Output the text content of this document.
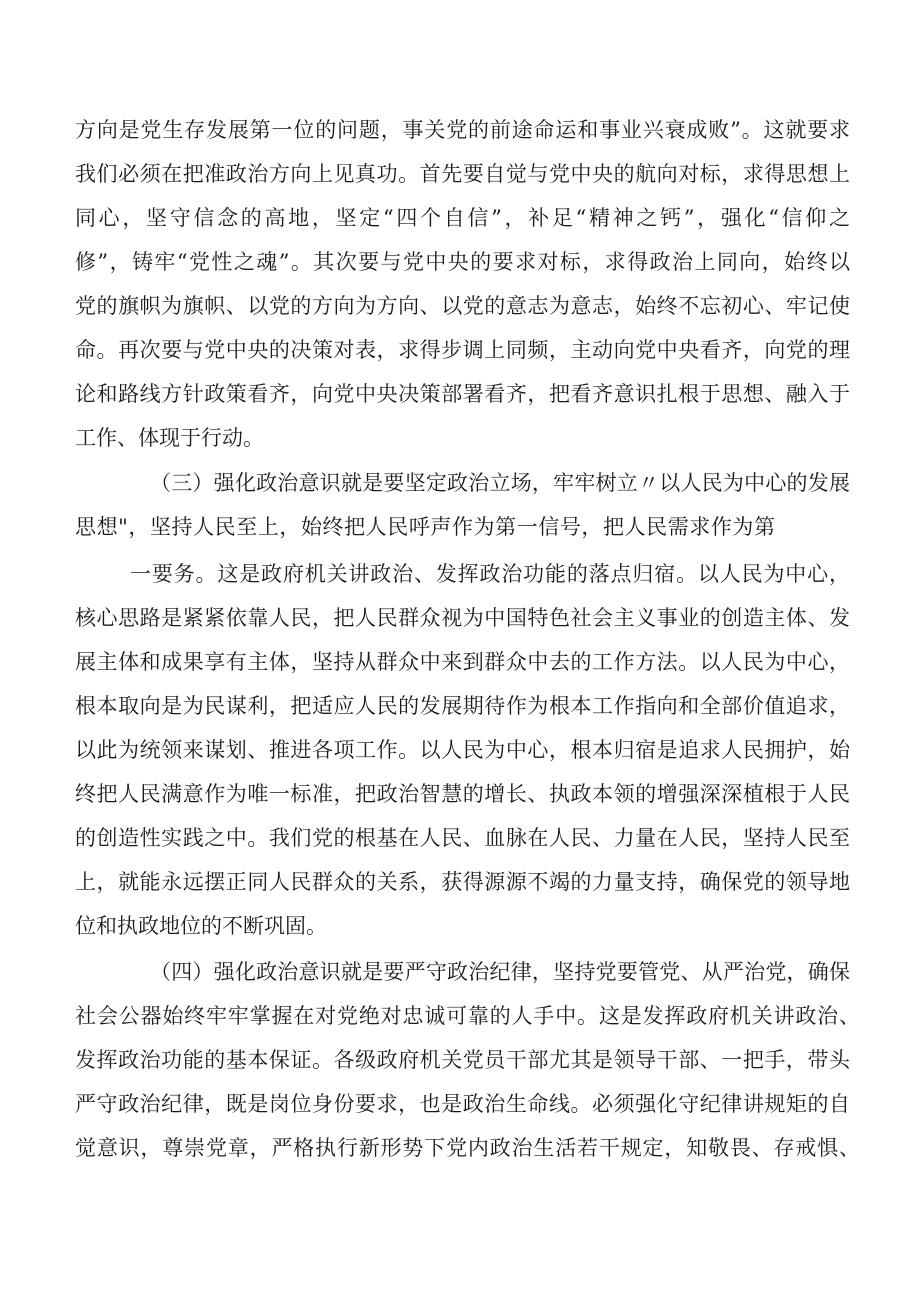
方向是党生存发展第一位的问题，事关党的前途命运和事业兴衰成败”。这就要求
我们必须在把准政治方向上见真功。首先要自觉与党中央的航向对标，求得思想上
同心，坚守信念的高地，坚定“四个自信”，补足“精神之钙”，强化“信仰之
修”，铸牢“党性之魂”。其次要与党中央的要求对标，求得政治上同向，始终以
党的旗帜为旗帜、以党的方向为方向、以党的意志为意志，始终不忘初心、牢记使
命。再次要与党中央的决策对表，求得步调上同频，主动向党中央看齐，向党的理
论和路线方针政策看齐，向党中央决策部署看齐，把看齐意识扎根于思想、融入于
工作、体现于行动。
（三）强化政治意识就是要坚定政治立场，牢牢树立〃以人民为中心的发展
思想"，坚持人民至上，始终把人民呼声作为第一信号，把人民需求作为第
一要务。这是政府机关讲政治、发挥政治功能的落点归宿。以人民为中心，
核心思路是紧紧依靠人民，把人民群众视为中国特色社会主义事业的创造主体、发
展主体和成果享有主体，坚持从群众中来到群众中去的工作方法。以人民为中心，
根本取向是为民谋利，把适应人民的发展期待作为根本工作指向和全部价值追求，
以此为统领来谋划、推进各项工作。以人民为中心，根本归宿是追求人民拥护，始
终把人民满意作为唯一标准，把政治智慧的增长、执政本领的增强深深植根于人民
的创造性实践之中。我们党的根基在人民、血脉在人民、力量在人民，坚持人民至
上，就能永远摆正同人民群众的关系，获得源源不竭的力量支持，确保党的领导地
位和执政地位的不断巩固。
（四）强化政治意识就是要严守政治纪律，坚持党要管党、从严治党，确保
社会公器始终牢牢掌握在对党绝对忠诚可靠的人手中。这是发挥政府机关讲政治、
发挥政治功能的基本保证。各级政府机关党员干部尤其是领导干部、一把手，带头
严守政治纪律，既是岗位身份要求，也是政治生命线。必须强化守纪律讲规矩的自
觉意识，尊崇党章，严格执行新形势下党内政治生活若干规定，知敬畏、存戒惧、
